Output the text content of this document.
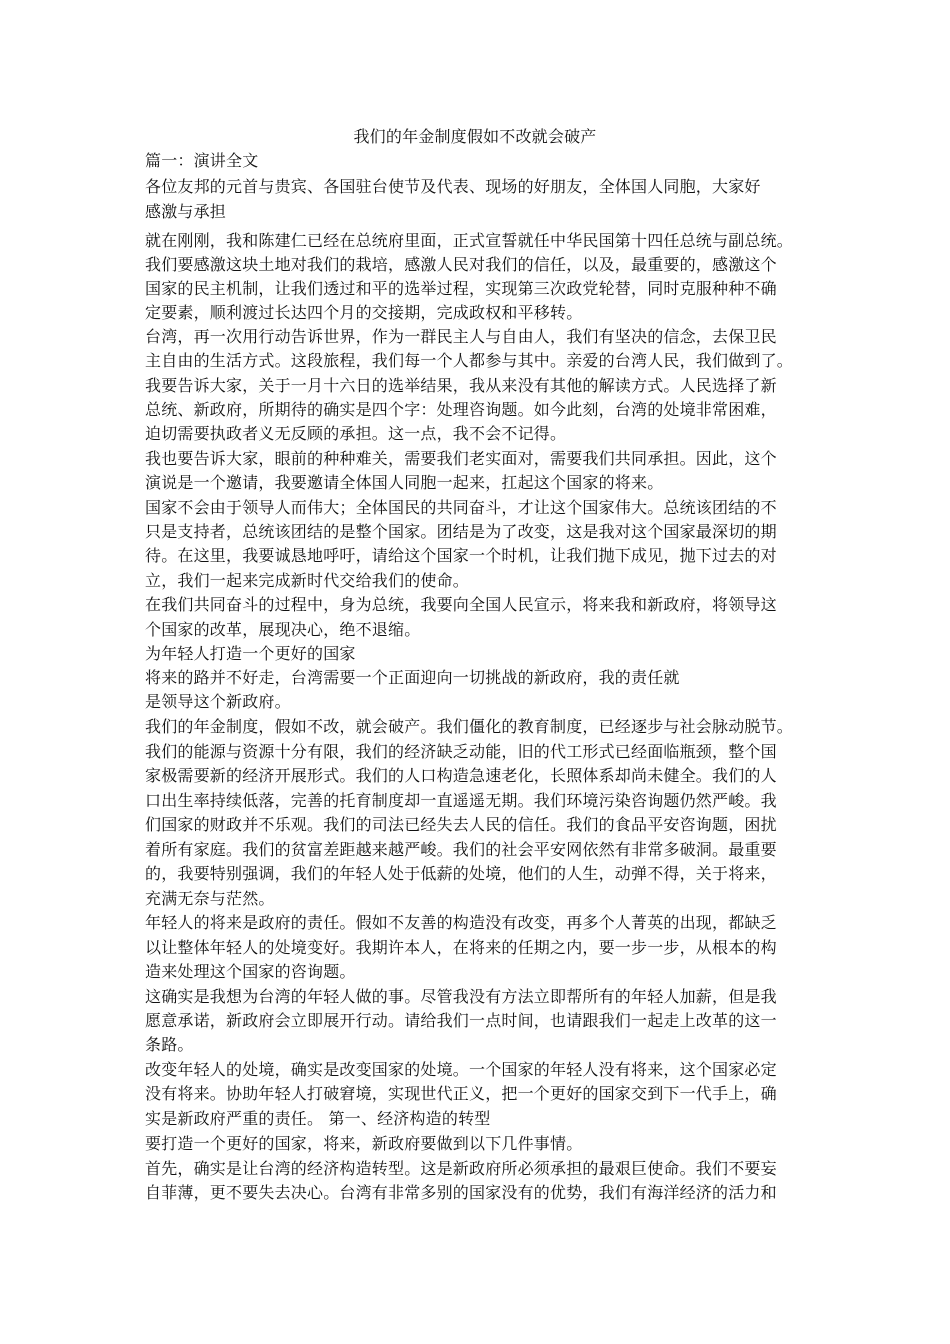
我们的年金制度假如不改就会破产
篇一：演讲全文
各位友邦的元首与贵宾、各国驻台使节及代表、现场的好朋友，全体国人同胞，大家好
感激与承担
就在刚刚，我和陈建仁已经在总统府里面，正式宣誓就任中华民国第十四任总统与副总统。
我们要感激这块土地对我们的栽培，感激人民对我们的信任，以及，最重要的，感激这个
国家的民主机制，让我们透过和平的选举过程，实现第三次政党轮替，同时克服种种不确
定要素，顺利渡过长达四个月的交接期，完成政权和平移转。
台湾，再一次用行动告诉世界，作为一群民主人与自由人，我们有坚决的信念，去保卫民
主自由的生活方式。这段旅程，我们每一个人都参与其中。亲爱的台湾人民，我们做到了。
我要告诉大家，关于一月十六日的选举结果，我从来没有其他的解读方式。人民选择了新
总统、新政府，所期待的确实是四个字：处理咨询题。如今此刻，台湾的处境非常困难，
迫切需要执政者义无反顾的承担。这一点，我不会不记得。
我也要告诉大家，眼前的种种难关，需要我们老实面对，需要我们共同承担。因此，这个
演说是一个邀请，我要邀请全体国人同胞一起来，扛起这个国家的将来。
国家不会由于领导人而伟大；全体国民的共同奋斗，才让这个国家伟大。总统该团结的不
只是支持者，总统该团结的是整个国家。团结是为了改变，这是我对这个国家最深切的期
待。在这里，我要诚恳地呼吁，请给这个国家一个时机，让我们抛下成见，抛下过去的对
立，我们一起来完成新时代交给我们的使命。
在我们共同奋斗的过程中，身为总统，我要向全国人民宣示，将来我和新政府，将领导这
个国家的改革，展现决心，绝不退缩。
为年轻人打造一个更好的国家
将来的路并不好走，台湾需要一个正面迎向一切挑战的新政府，我的责任就
是领导这个新政府。
我们的年金制度，假如不改，就会破产。我们僵化的教育制度，已经逐步与社会脉动脱节。
我们的能源与资源十分有限，我们的经济缺乏动能，旧的代工形式已经面临瓶颈，整个国
家极需要新的经济开展形式。我们的人口构造急速老化，长照体系却尚未健全。我们的人
口出生率持续低落，完善的托育制度却一直遥遥无期。我们环境污染咨询题仍然严峻。我
们国家的财政并不乐观。我们的司法已经失去人民的信任。我们的食品平安咨询题，困扰
着所有家庭。我们的贫富差距越来越严峻。我们的社会平安网依然有非常多破洞。最重要
的，我要特别强调，我们的年轻人处于低薪的处境，他们的人生，动弹不得，关于将来，
充满无奈与茫然。
年轻人的将来是政府的责任。假如不友善的构造没有改变，再多个人菁英的出现，都缺乏
以让整体年轻人的处境变好。我期许本人，在将来的任期之内，要一步一步，从根本的构
造来处理这个国家的咨询题。
这确实是我想为台湾的年轻人做的事。尽管我没有方法立即帮所有的年轻人加薪，但是我
愿意承诺，新政府会立即展开行动。请给我们一点时间，也请跟我们一起走上改革的这一
条路。
改变年轻人的处境，确实是改变国家的处境。一个国家的年轻人没有将来，这个国家必定
没有将来。协助年轻人打破窘境，实现世代正义，把一个更好的国家交到下一代手上，确
实是新政府严重的责任。 第一、经济构造的转型
要打造一个更好的国家，将来，新政府要做到以下几件事情。
首先，确实是让台湾的经济构造转型。这是新政府所必须承担的最艰巨使命。我们不要妄
自菲薄，更不要失去决心。台湾有非常多别的国家没有的优势，我们有海洋经济的活力和
